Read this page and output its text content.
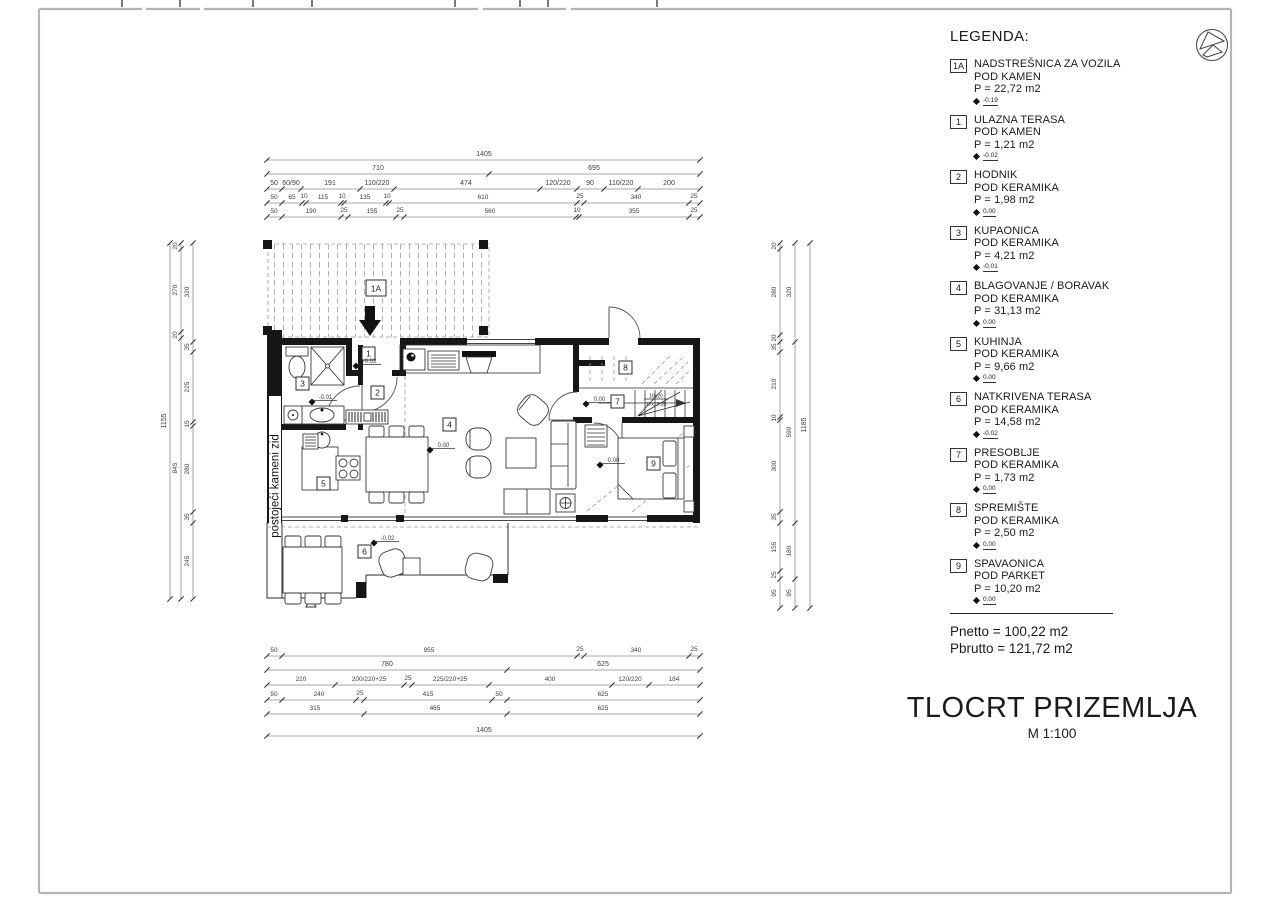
1405
710	695
50 60/90	191	110/220	474	120/220 90 110/220	200
50 65 10 115 10 135 10	610	25	340	25
50	190	25	155	25	560	10	355	25
1155
20
270
20
845
320
35
225
15
280
35
245
20
280
20
35
210
10
300
35
155
25
95
320
590
180
95
1185
50	955	25	340	25
780	625
220	200/220+25	25	225/220+25	400	120/220	184
50	240	25	415	50	625
315	465	625
1405
postojeći kameni zid
16x20
17x17,05
1A
1
2
3
4
5
6
7
8
9
-0.02
-0.01
0.00
0.00
0.00
-0.02
LEGENDA:
1A NADSTREŠNICA ZA VOZILA
POD KAMEN
P = 22,72 m2
-0.19
1	ULAZNA TERASA
POD KAMEN
P = 1,21 m2
-0.02
2	HODNIK
POD KERAMIKA
P = 1,98 m2
0.00
3	KUPAONICA
POD KERAMIKA
P = 4,21 m2
-0.01
4	BLAGOVANJE / BORAVAK
POD KERAMIKA
P = 31,13 m2
0.00
5	KUHINJA
POD KERAMIKA
P = 9,66 m2
0.00
6	NATKRIVENA TERASA
POD KERAMIKA
P = 14,58 m2
-0.02
7	PRESOBLJE
POD KERAMIKA
P = 1,73 m2
0.00
8	SPREMIŠTE
POD KERAMIKA
P = 2,50 m2
0.00
9	SPAVAONICA
POD PARKET
P = 10,20 m2
0.00
Pnetto = 100,22 m2
Pbrutto = 121,72 m2
TLOCRT PRIZEMLJA
M 1:100
